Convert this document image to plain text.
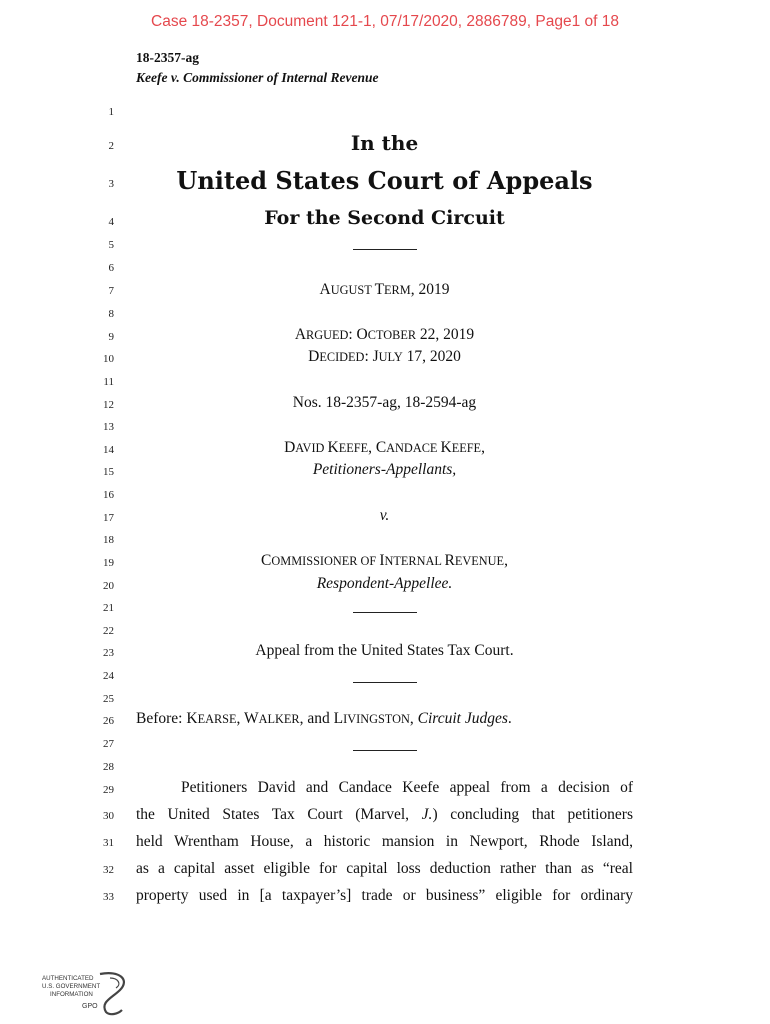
Case 18-2357, Document 121-1, 07/17/2020, 2886789, Page1 of 18
18-2357-ag
Keefe v. Commissioner of Internal Revenue
1
2
3
4
5
6
7
8
9
10
11
12
13
14
15
16
17
18
19
20
21
22
23
24
25
26
27
28
29
30
31
32
33
In the
United States Court of Appeals
For the Second Circuit
AUGUST TERM, 2019
ARGUED: OCTOBER 22, 2019
DECIDED: JULY 17, 2020
Nos. 18-2357-ag, 18-2594-ag
DAVID KEEFE, CANDACE KEEFE,
Petitioners-Appellants,
v.
COMMISSIONER OF INTERNAL REVENUE,
Respondent-Appellee.
Appeal from the United States Tax Court.
Before: KEARSE, WALKER, and LIVINGSTON, Circuit Judges.
Petitioners David and Candace Keefe appeal from a decision of
the United States Tax Court (Marvel, J.) concluding that petitioners
held Wrentham House, a historic mansion in Newport, Rhode Island,
as a capital asset eligible for capital loss deduction rather than as “real
property used in [a taxpayer’s] trade or business” eligible for ordinary
AUTHENTICATED
U.S. GOVERNMENT
INFORMATION
GPO
